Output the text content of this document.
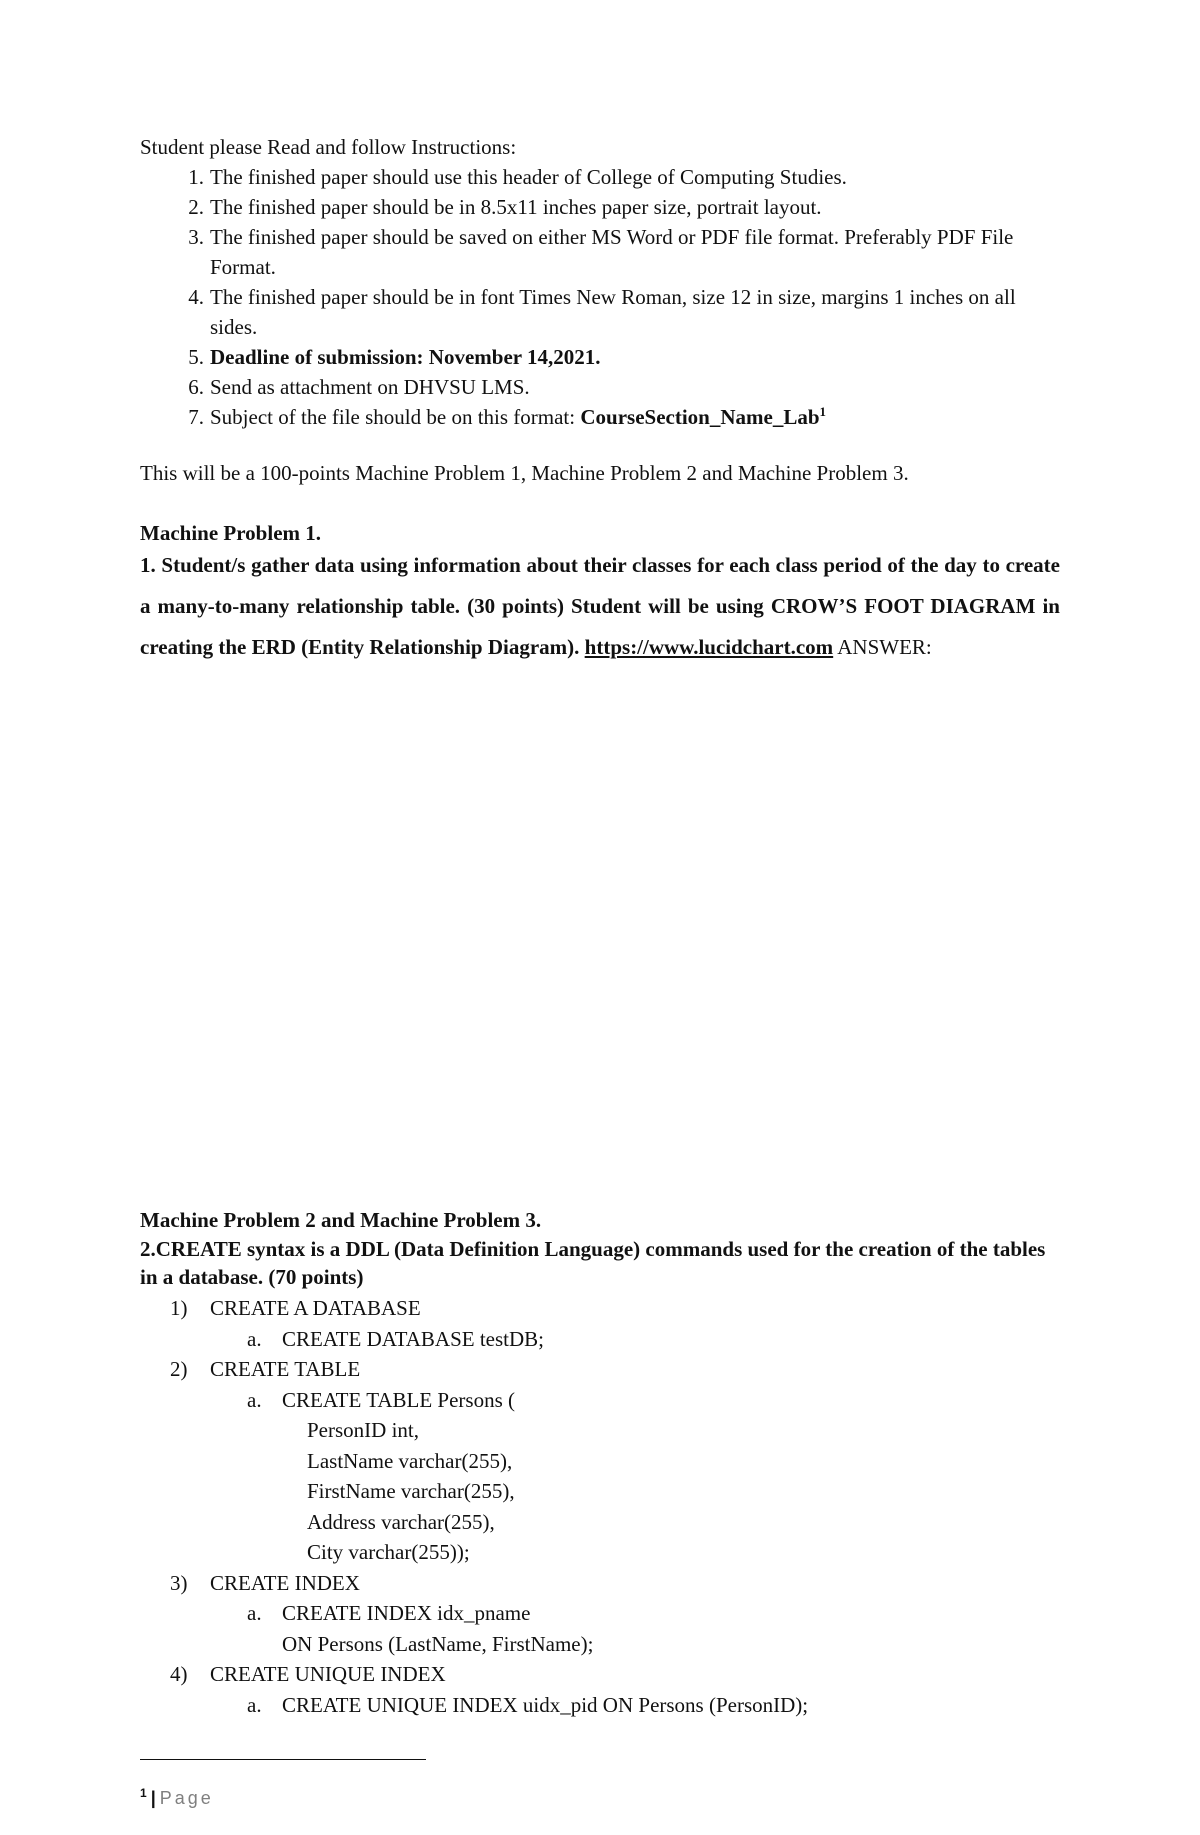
Student please Read and follow Instructions:
1. The finished paper should use this header of College of Computing Studies.
2. The finished paper should be in 8.5x11 inches paper size, portrait layout.
3. The finished paper should be saved on either MS Word or PDF file format. Preferably PDF File Format.
4. The finished paper should be in font Times New Roman, size 12 in size, margins 1 inches on all sides.
5. Deadline of submission: November 14,2021.
6. Send as attachment on DHVSU LMS.
7. Subject of the file should be on this format: CourseSection_Name_Lab$^1$
This will be a 100-points Machine Problem 1, Machine Problem 2 and Machine Problem 3.
Machine Problem 1.
1. Student/s gather data using information about their classes for each class period of the day to create a many-to-many relationship table. (30 points) Student will be using CROW’S FOOT DIAGRAM in creating the ERD (Entity Relationship Diagram). https://www.lucidchart.com ANSWER:
Machine Problem 2 and Machine Problem 3.
2.CREATE syntax is a DDL (Data Definition Language) commands used for the creation of the tables in a database. (70 points)
1) CREATE A DATABASE
a. CREATE DATABASE testDB;
2) CREATE TABLE
a. CREATE TABLE Persons (
PersonID int,
LastName varchar(255),
FirstName varchar(255),
Address varchar(255),
City varchar(255));
3) CREATE INDEX
a. CREATE INDEX idx_pname
ON Persons (LastName, FirstName);
4) CREATE UNIQUE INDEX
a. CREATE UNIQUE INDEX uidx_pid ON Persons (PersonID);
$^1$ | Page
